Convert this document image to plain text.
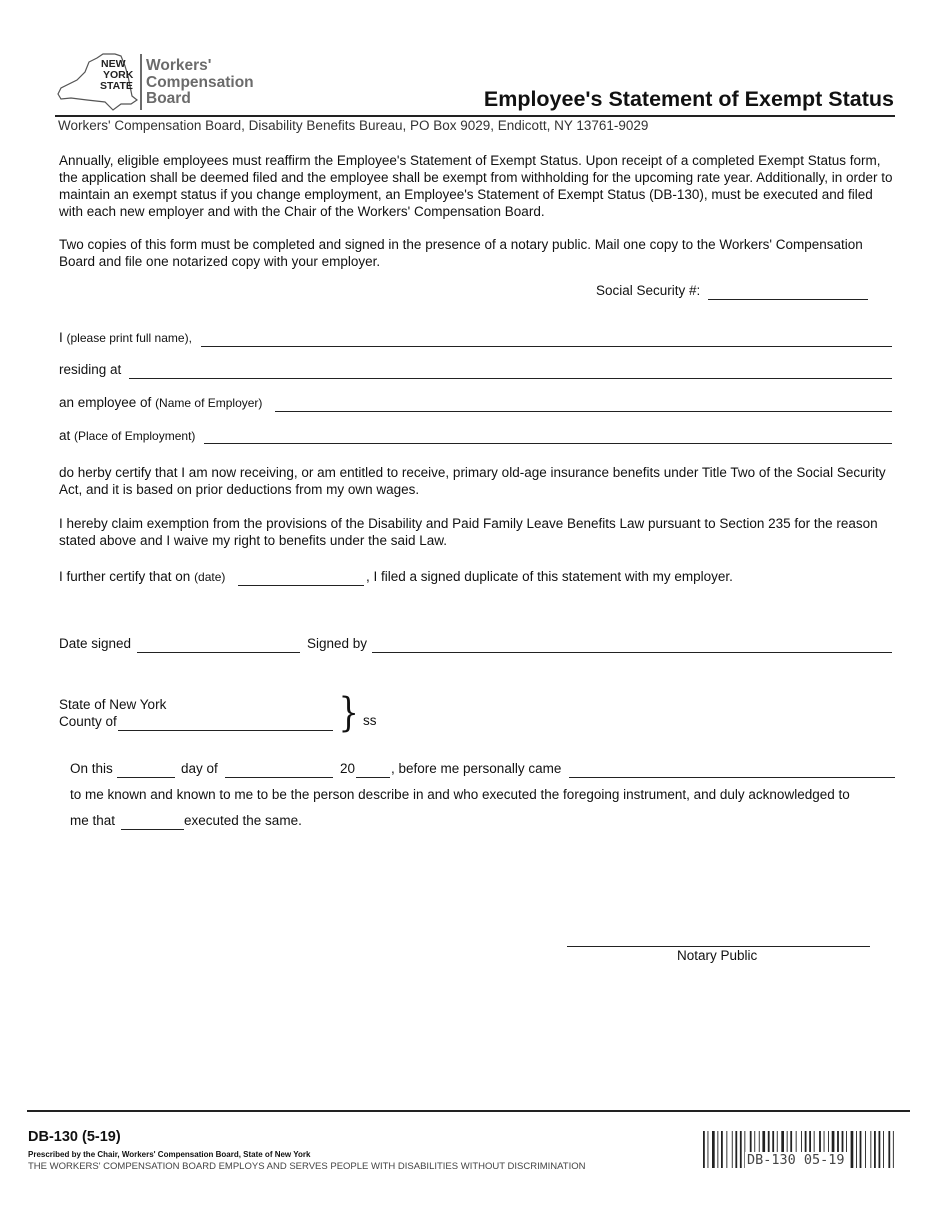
NEW
YORK
STATE
Workers'
Compensation
Board	Employee's Statement of Exempt Status
Workers' Compensation Board, Disability Benefits Bureau, PO Box 9029, Endicott, NY 13761-9029
Annually, eligible employees must reaffirm the Employee's Statement of Exempt Status. Upon receipt of a completed Exempt Status form, the application shall be deemed filed and the employee shall be exempt from withholding for the upcoming rate year. Additionally, in order to maintain an exempt status if you change employment, an Employee's Statement of Exempt Status (DB-130), must be executed and filed with each new employer and with the Chair of the Workers' Compensation Board.
Two copies of this form must be completed and signed in the presence of a notary public. Mail one copy to the Workers' Compensation Board and file one notarized copy with your employer.
Social Security #:
I (please print full name),
residing at
an employee of (Name of Employer)
at (Place of Employment)
do herby certify that I am now receiving, or am entitled to receive, primary old-age insurance benefits under Title Two of the Social Security Act, and it is based on prior deductions from my own wages.
I hereby claim exemption from the provisions of the Disability and Paid Family Leave Benefits Law pursuant to Section 235 for the reason stated above and I waive my right to benefits under the said Law.
I further certify that on (date)	, I filed a signed duplicate of this statement with my employer.
Date signed	Signed by
State of New York
County of	} ss
On this	day of	20	, before me personally came
to me known and known to me to be the person describe in and who executed the foregoing instrument, and duly acknowledged to
me that	executed the same.
Notary Public
DB-130 (5-19)
Prescribed by the Chair, Workers' Compensation Board, State of New York
THE WORKERS' COMPENSATION BOARD EMPLOYS AND SERVES PEOPLE WITH DISABILITIES WITHOUT DISCRIMINATION	DB-130 05-19
